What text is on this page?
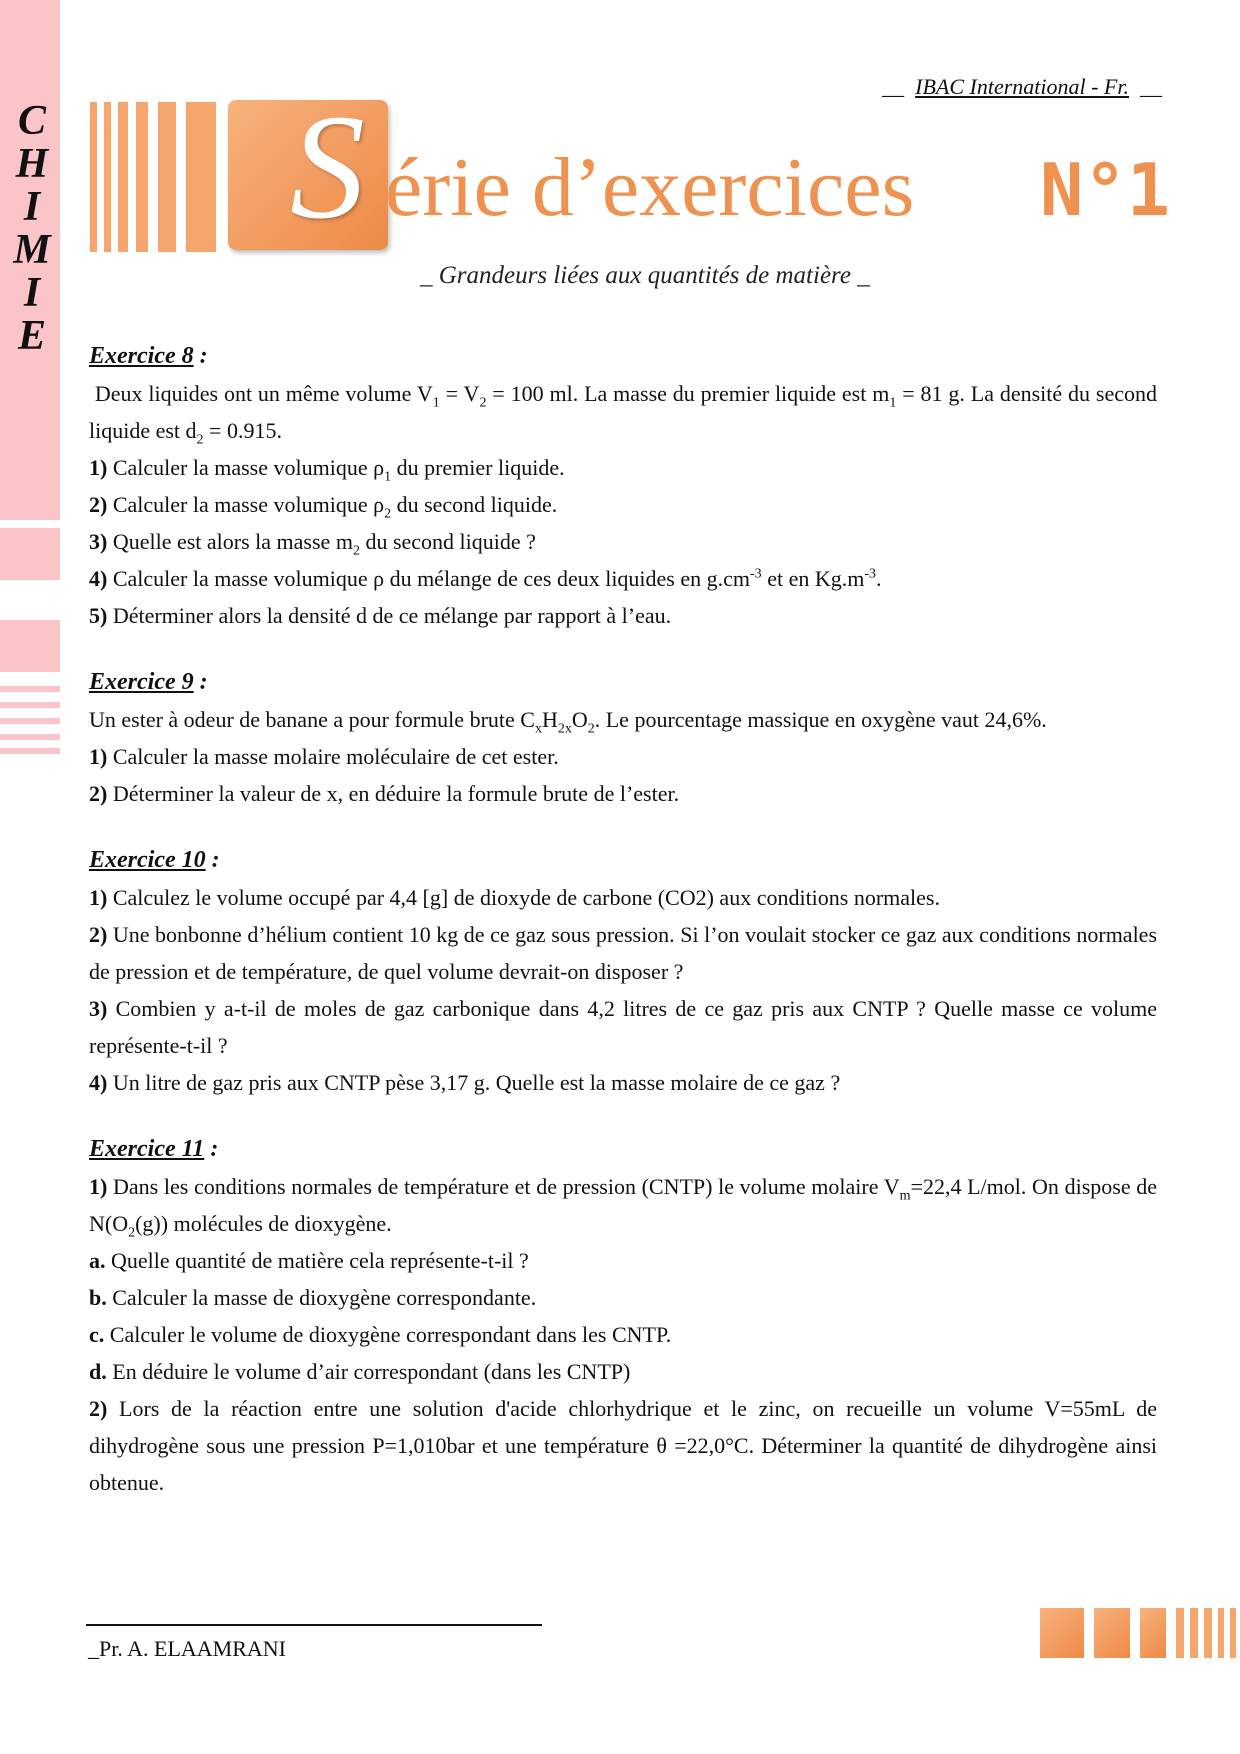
C
H
I
M
I
E
__  IBAC International - Fr.  __
S érie d’exercices N°1
_ Grandeurs liées aux quantités de matière _
Exercice 8 :

Deux liquides ont un même volume $V_1 = V_2 = 100$ ml. La masse du premier liquide est $m_1 = 81$ g. La densité du second liquide est $d_2 = 0.915$.

1) Calculer la masse volumique $\rho_1$ du premier liquide.

2) Calculer la masse volumique $\rho_2$ du second liquide.

3) Quelle est alors la masse $m_2$ du second liquide ?

4) Calculer la masse volumique ρ du mélange de ces deux liquides en $g.cm^{-3}$ et en $Kg.m^{-3}$.

5) Déterminer alors la densité d de ce mélange par rapport à l’eau.

Exercice 9 :

Un ester à odeur de banane a pour formule brute $C_xH_{2x}O_2$. Le pourcentage massique en oxygène vaut 24,6%.

1) Calculer la masse molaire moléculaire de cet ester.

2) Déterminer la valeur de x, en déduire la formule brute de l’ester.

Exercice 10 :

1) Calculez le volume occupé par 4,4 [g] de dioxyde de carbone (CO2) aux conditions normales.

2) Une bonbonne d’hélium contient 10 kg de ce gaz sous pression. Si l’on voulait stocker ce gaz aux conditions normales de pression et de température, de quel volume devrait-on disposer ?

3) Combien y a-t-il de moles de gaz carbonique dans 4,2 litres de ce gaz pris aux CNTP ? Quelle masse ce volume représente-t-il ?

4) Un litre de gaz pris aux CNTP pèse 3,17 g. Quelle est la masse molaire de ce gaz ?

Exercice 11 :

1) Dans les conditions normales de température et de pression (CNTP) le volume molaire $V_m=22,4$ L/mol. On dispose de $N(O_2(g))$ molécules de dioxygène.

a. Quelle quantité de matière cela représente-t-il ?

b. Calculer la masse de dioxygène correspondante.

c. Calculer le volume de dioxygène correspondant dans les CNTP.

d. En déduire le volume d’air correspondant (dans les CNTP)

2) Lors de la réaction entre une solution d'acide chlorhydrique et le zinc, on recueille un volume V=55mL de dihydrogène sous une pression P=1,010bar et une température θ =22,0°C. Déterminer la quantité de dihydrogène ainsi obtenue.

_Pr. A. ELAAMRANI
